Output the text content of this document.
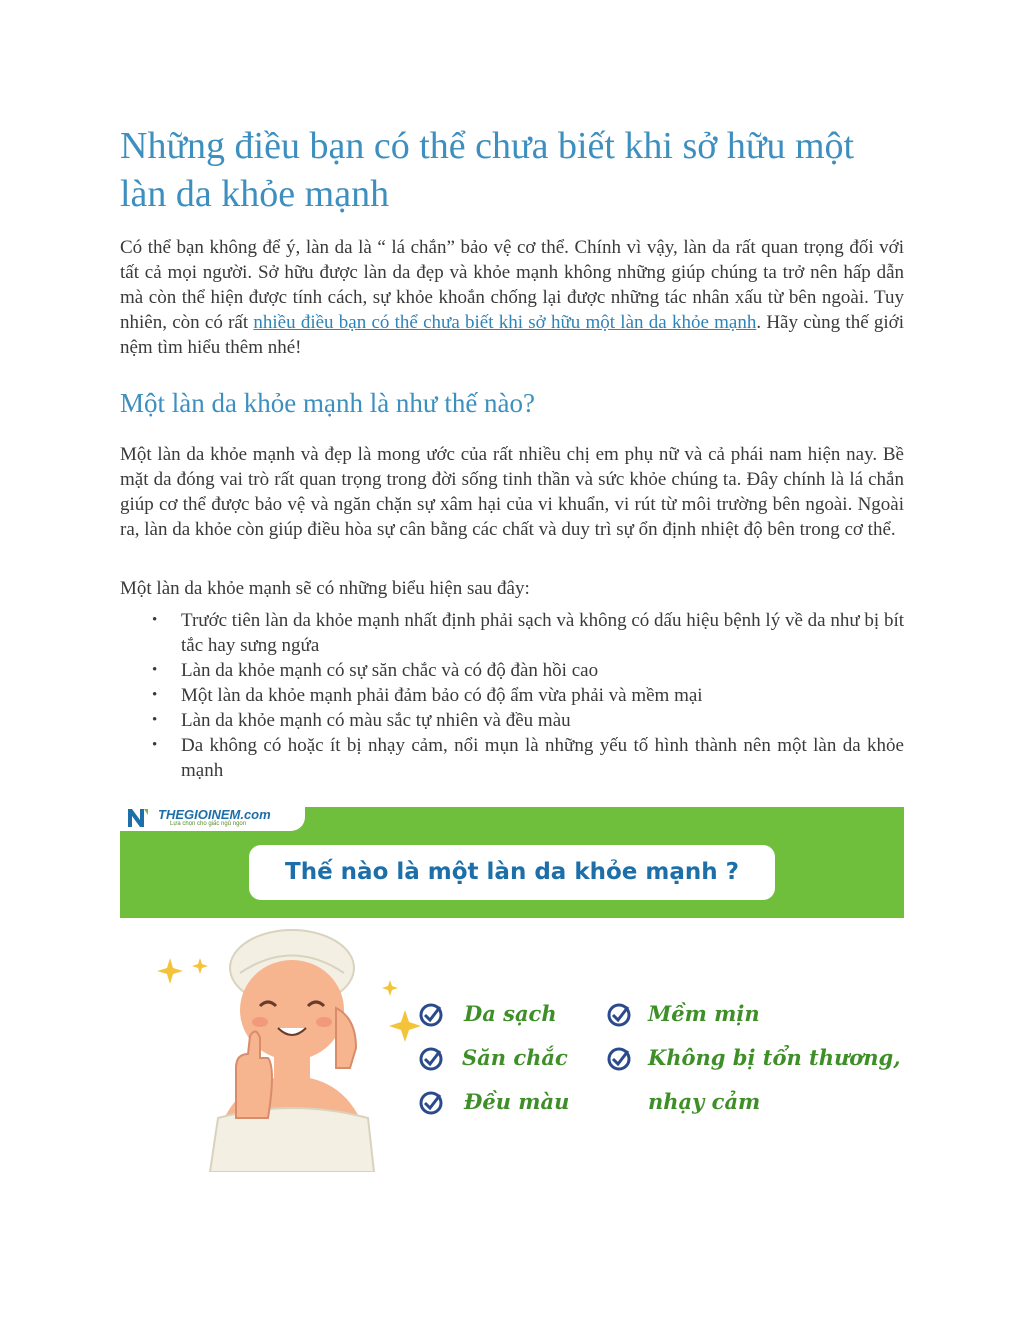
Những điều bạn có thể chưa biết khi sở hữu một làn da khỏe mạnh

Có thể bạn không để ý, làn da là “ lá chắn” bảo vệ cơ thể. Chính vì vậy, làn da rất quan trọng đối với tất cả mọi người. Sở hữu được làn da đẹp và khỏe mạnh không những giúp chúng ta trở nên hấp dẫn mà còn thể hiện được tính cách, sự khỏe khoắn chống lại được những tác nhân xấu từ bên ngoài. Tuy nhiên, còn có rất nhiều điều bạn có thể chưa biết khi sở hữu một làn da khỏe mạnh. Hãy cùng thế giới nệm tìm hiểu thêm nhé!

Một làn da khỏe mạnh là như thế nào?

Một làn da khỏe mạnh và đẹp là mong ước của rất nhiều chị em phụ nữ và cả phái nam hiện nay. Bề mặt da đóng vai trò rất quan trọng trong đời sống tinh thần và sức khỏe chúng ta. Đây chính là lá chắn giúp cơ thể được bảo vệ và ngăn chặn sự xâm hại của vi khuẩn, vi rút từ môi trường bên ngoài. Ngoài ra, làn da khỏe còn giúp điều hòa sự cân bằng các chất và duy trì sự ổn định nhiệt độ bên trong cơ thể.

Một làn da khỏe mạnh sẽ có những biểu hiện sau đây:

• Trước tiên làn da khỏe mạnh nhất định phải sạch và không có dấu hiệu bệnh lý về da như bị bít tắc hay sưng ngứa
• Làn da khỏe mạnh có sự săn chắc và có độ đàn hồi cao
• Một làn da khỏe mạnh phải đảm bảo có độ ẩm vừa phải và mềm mại
• Làn da khỏe mạnh có màu sắc tự nhiên và đều màu
• Da không có hoặc ít bị nhạy cảm, nổi mụn là những yếu tố hình thành nên một làn da khỏe mạnh
THEGIOINEM.com
Lựa chọn cho giấc ngủ ngon
Thế nào là một làn da khỏe mạnh ?
Da sạch
Săn chắc
Đều màu
Mềm mịn
Không bị tổn thương,
nhạy cảm
